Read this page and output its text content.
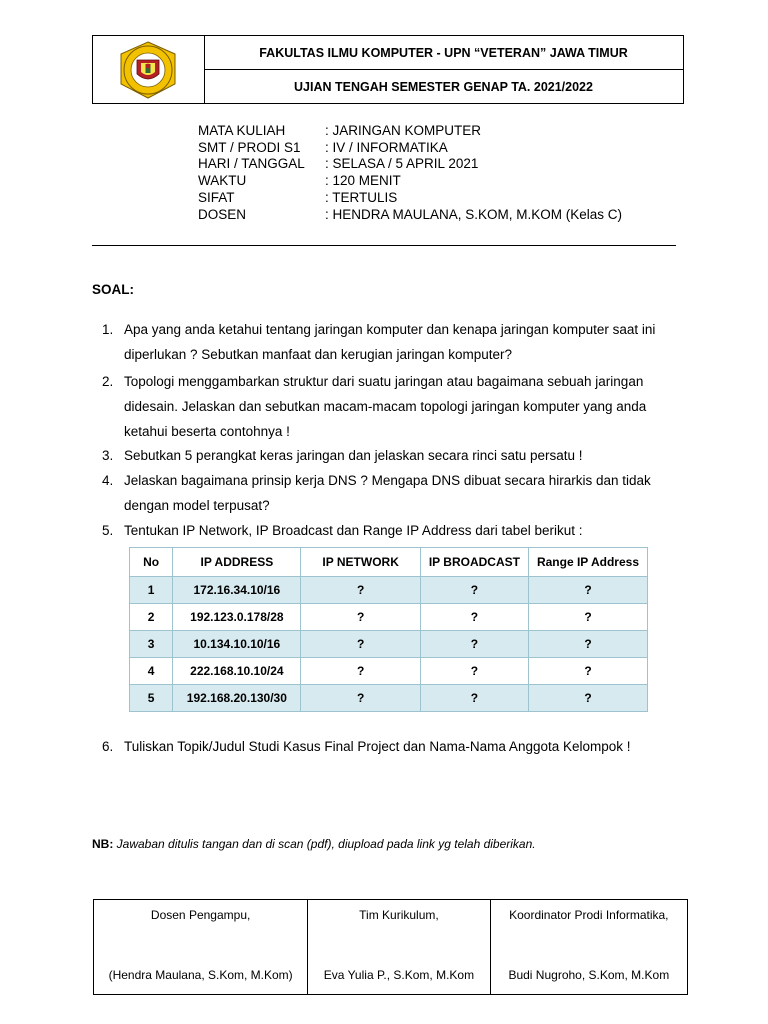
FAKULTAS ILMU KOMPUTER - UPN “VETERAN” JAWA TIMUR
UJIAN TENGAH SEMESTER GENAP TA. 2021/2022
MATA KULIAH	: JARINGAN KOMPUTER
SMT / PRODI S1 : IV / INFORMATIKA
HARI / TANGGAL : SELASA / 5 APRIL 2021
WAKTU	: 120 MENIT
SIFAT	: TERTULIS
DOSEN	: HENDRA MAULANA, S.KOM, M.KOM (Kelas C)
SOAL:
1. Apa yang anda ketahui tentang jaringan komputer dan kenapa jaringan komputer saat ini
diperlukan ? Sebutkan manfaat dan kerugian jaringan komputer?
2. Topologi menggambarkan struktur dari suatu jaringan atau bagaimana sebuah jaringan
didesain. Jelaskan dan sebutkan macam-macam topologi jaringan komputer yang anda
ketahui beserta contohnya !
3. Sebutkan 5 perangkat keras jaringan dan jelaskan secara rinci satu persatu !
4. Jelaskan bagaimana prinsip kerja DNS ? Mengapa DNS dibuat secara hirarkis dan tidak
dengan model terpusat?
5. Tentukan IP Network, IP Broadcast dan Range IP Address dari tabel berikut :
6. Tuliskan Topik/Judul Studi Kasus Final Project dan Nama-Nama Anggota Kelompok !
No	IP ADDRESS	IP NETWORK	IP BROADCAST	Range IP Address
1	172.16.34.10/16	?	?	?
2	192.123.0.178/28	?	?	?
3	10.134.10.10/16	?	?	?
4	222.168.10.10/24	?	?	?
5	192.168.20.130/30	?	?	?
NB: Jawaban ditulis tangan dan di scan (pdf), diupload pada link yg telah diberikan.
Dosen Pengampu,
(Hendra Maulana, S.Kom, M.Kom)

Tim Kurikulum,
Eva Yulia P., S.Kom, M.Kom

Koordinator Prodi Informatika,
Budi Nugroho, S.Kom, M.Kom
